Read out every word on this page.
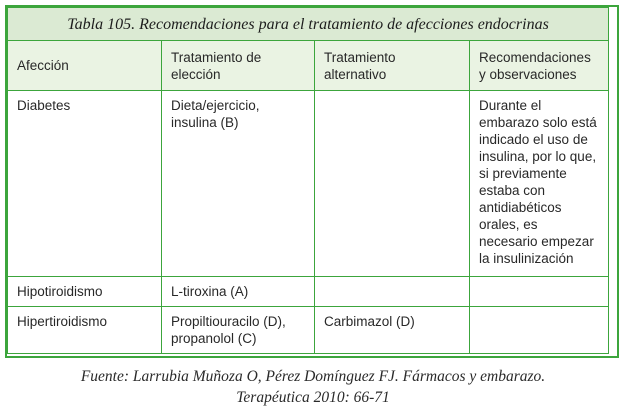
Tabla 105. Recomendaciones para el tratamiento de afecciones endocrinas			
Afección	Tratamiento de elección	Tratamiento alternativo	Recomendaciones y observaciones
Diabetes	Dieta/ejercicio, insulina (B)		Durante el embarazo solo está indicado el uso de insulina, por lo que, si previamente estaba con antidiabéticos orales, es necesario empezar la insulinización
Hipotiroidismo	L-tiroxina (A)		
Hipertiroidismo	Propiltiouracilo (D), propanolol (C)	Carbimazol (D)	
Fuente: Larrubia Muñoza O, Pérez Domínguez FJ. Fármacos y embarazo.
Terapéutica 2010: 66-71
